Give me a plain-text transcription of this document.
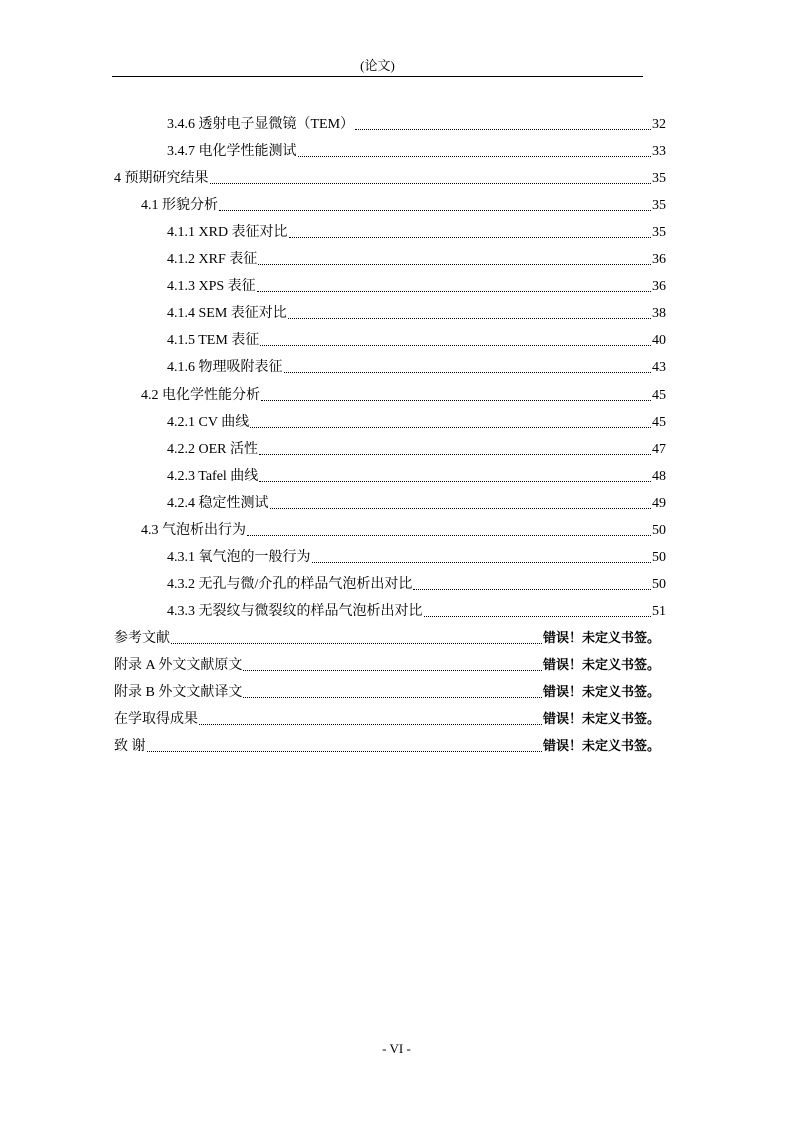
(论文)
3.4.6 透射电子显微镜（TEM）	32
3.4.7 电化学性能测试	33
4 预期研究结果	35
4.1 形貌分析	35
4.1.1 XRD 表征对比	35
4.1.2 XRF 表征	36
4.1.3 XPS 表征	36
4.1.4 SEM 表征对比	38
4.1.5 TEM 表征	40
4.1.6 物理吸附表征	43
4.2 电化学性能分析	45
4.2.1 CV 曲线	45
4.2.2 OER 活性	47
4.2.3 Tafel 曲线	48
4.2.4 稳定性测试	49
4.3 气泡析出行为	50
4.3.1 氧气泡的一般行为	50
4.3.2 无孔与微/介孔的样品气泡析出对比	50
4.3.3 无裂纹与微裂纹的样品气泡析出对比	51
参考文献	错误！未定义书签。
附录 A 外文文献原文	错误！未定义书签。
附录 B 外文文献译文	错误！未定义书签。
在学取得成果	错误！未定义书签。
致 谢	错误！未定义书签。
- VI -
